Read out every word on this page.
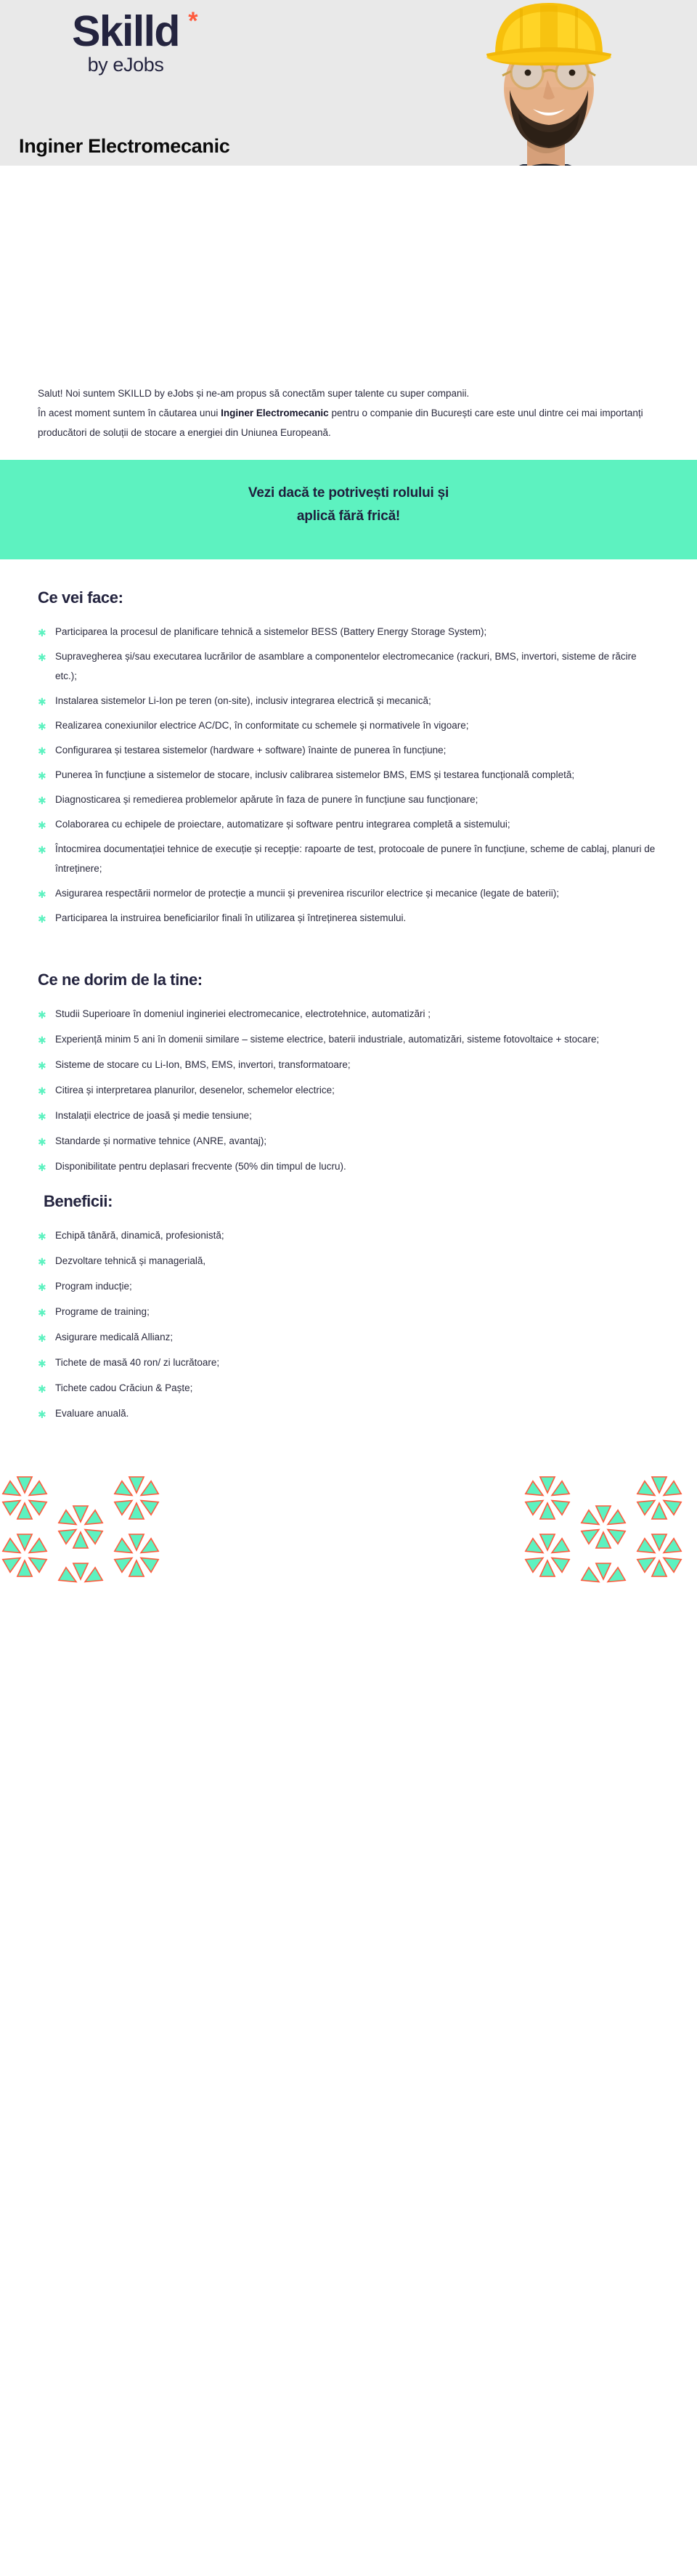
Skilld *
by eJobs
Inginer Electromecanic

Salut! Noi suntem SKILLD by eJobs și ne-am propus să conectăm super talente cu super companii.

În acest moment suntem în căutarea unui Inginer Electromecanic pentru o companie din București care este unul dintre cei mai importanți producători de soluții de stocare a energiei din Uniunea Europeană.

Vezi dacă te potrivești rolului și
aplică fără frică!
Ce vei face:
✱ Participarea la procesul de planificare tehnică a sistemelor BESS (Battery Energy Storage System);
✱ Supravegherea și/sau executarea lucrărilor de asamblare a componentelor electromecanice (rackuri, BMS, invertori, sisteme de răcire etc.);
✱ Instalarea sistemelor Li-Ion pe teren (on-site), inclusiv integrarea electrică și mecanică;
✱ Realizarea conexiunilor electrice AC/DC, în conformitate cu schemele și normativele în vigoare;
✱ Configurarea și testarea sistemelor (hardware + software) înainte de punerea în funcțiune;
✱ Punerea în funcțiune a sistemelor de stocare, inclusiv calibrarea sistemelor BMS, EMS și testarea funcțională completă;
✱ Diagnosticarea și remedierea problemelor apărute în faza de punere în funcțiune sau funcționare;
✱ Colaborarea cu echipele de proiectare, automatizare și software pentru integrarea completă a sistemului;
✱ Întocmirea documentației tehnice de execuție și recepție: rapoarte de test, protocoale de punere în funcțiune, scheme de cablaj, planuri de întreținere;
✱ Asigurarea respectării normelor de protecție a muncii și prevenirea riscurilor electrice și mecanice (legate de baterii);
✱ Participarea la instruirea beneficiarilor finali în utilizarea și întreținerea sistemului.
Ce ne dorim de la tine:
✱ Studii Superioare în domeniul ingineriei electromecanice, electrotehnice, automatizări ;
✱ Experiență minim 5 ani în domenii similare – sisteme electrice, baterii industriale, automatizări, sisteme fotovoltaice + stocare;
✱ Sisteme de stocare cu Li-Ion, BMS, EMS, invertori, transformatoare;
✱ Citirea și interpretarea planurilor, desenelor, schemelor electrice;
✱ Instalații electrice de joasă și medie tensiune;
✱ Standarde și normative tehnice (ANRE, avantaj);
✱ Disponibilitate pentru deplasari frecvente (50% din timpul de lucru).
Beneficii:
✱ Echipă tânără, dinamică, profesionistă;
✱ Dezvoltare tehnică și managerială,
✱ Program inducție;
✱ Programe de training;
✱ Asigurare medicală Allianz;
✱ Tichete de masă 40 ron/ zi lucrătoare;
✱ Tichete cadou Crăciun & Paște;
✱ Evaluare anuală.
